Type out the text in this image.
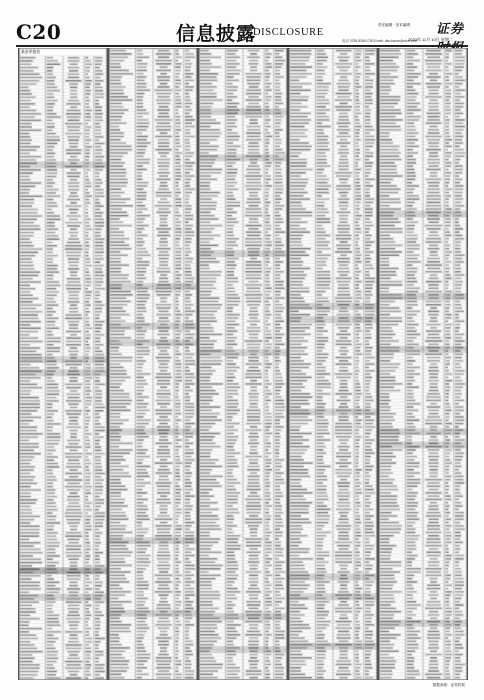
C20	信息披露
DISCLOSURE
责任编辑 · 美术编辑 证券
电话 0755-83501750 Email: disclosure@stcn.com
2020年 11月 10日 星期二
数据来源：证券时报
